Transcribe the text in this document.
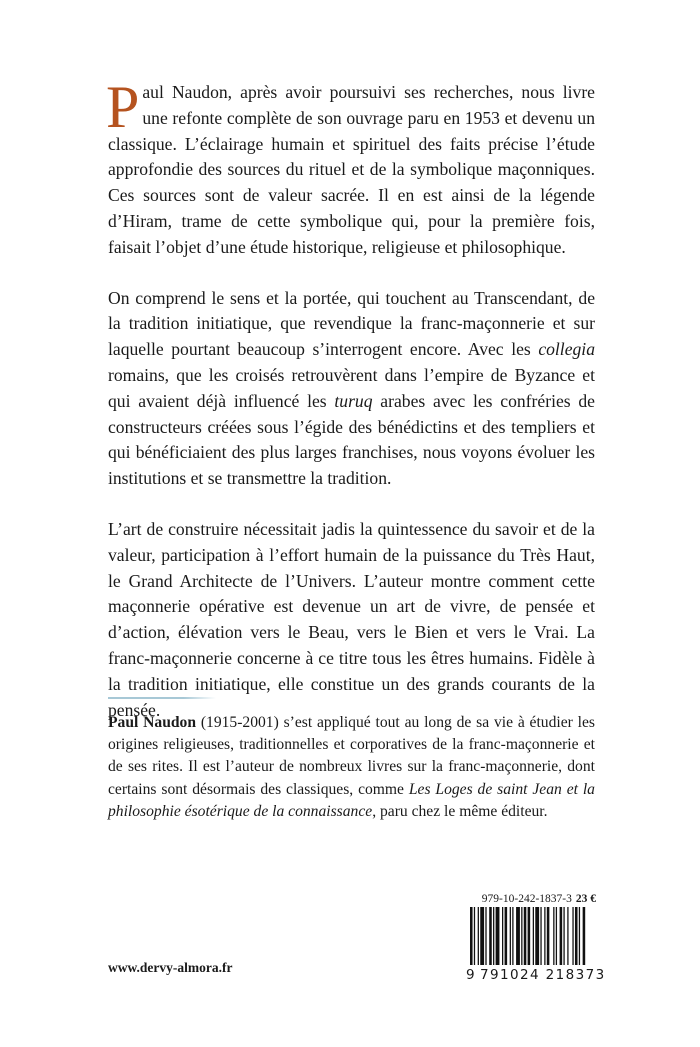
Paul Naudon, après avoir poursuivi ses recherches, nous livre une refonte complète de son ouvrage paru en 1953 et devenu un classique. L’éclairage humain et spirituel des faits précise l’étude approfondie des sources du rituel et de la symbolique maçonniques. Ces sources sont de valeur sacrée. Il en est ainsi de la légende d’Hiram, trame de cette symbolique qui, pour la première fois, faisait l’objet d’une étude historique, religieuse et philosophique.

On comprend le sens et la portée, qui touchent au Transcendant, de la tradition initiatique, que revendique la franc-maçonnerie et sur laquelle pourtant beaucoup s’interrogent encore. Avec les collegia romains, que les croisés retrouvèrent dans l’empire de Byzance et qui avaient déjà influencé les turuq arabes avec les confréries de constructeurs créées sous l’égide des bénédictins et des templiers et qui bénéficiaient des plus larges franchises, nous voyons évoluer les institutions et se transmettre la tradition.

L’art de construire nécessitait jadis la quintessence du savoir et de la valeur, participation à l’effort humain de la puissance du Très Haut, le Grand Architecte de l’Univers. L’auteur montre comment cette maçonnerie opérative est devenue un art de vivre, de pensée et d’action, élévation vers le Beau, vers le Bien et vers le Vrai. La franc-maçonnerie concerne à ce titre tous les êtres humains. Fidèle à la tradition initiatique, elle constitue un des grands courants de la pensée.

Paul Naudon (1915-2001) s’est appliqué tout au long de sa vie à étudier les origines religieuses, traditionnelles et corporatives de la franc-maçonnerie et de ses rites. Il est l’auteur de nombreux livres sur la franc-maçonnerie, dont certains sont désormais des classiques, comme Les Loges de saint Jean et la philosophie ésotérique de la connaissance, paru chez le même éditeur.
979-10-242-1837-3 23 €
9 791024 218373
www.dervy-almora.fr
